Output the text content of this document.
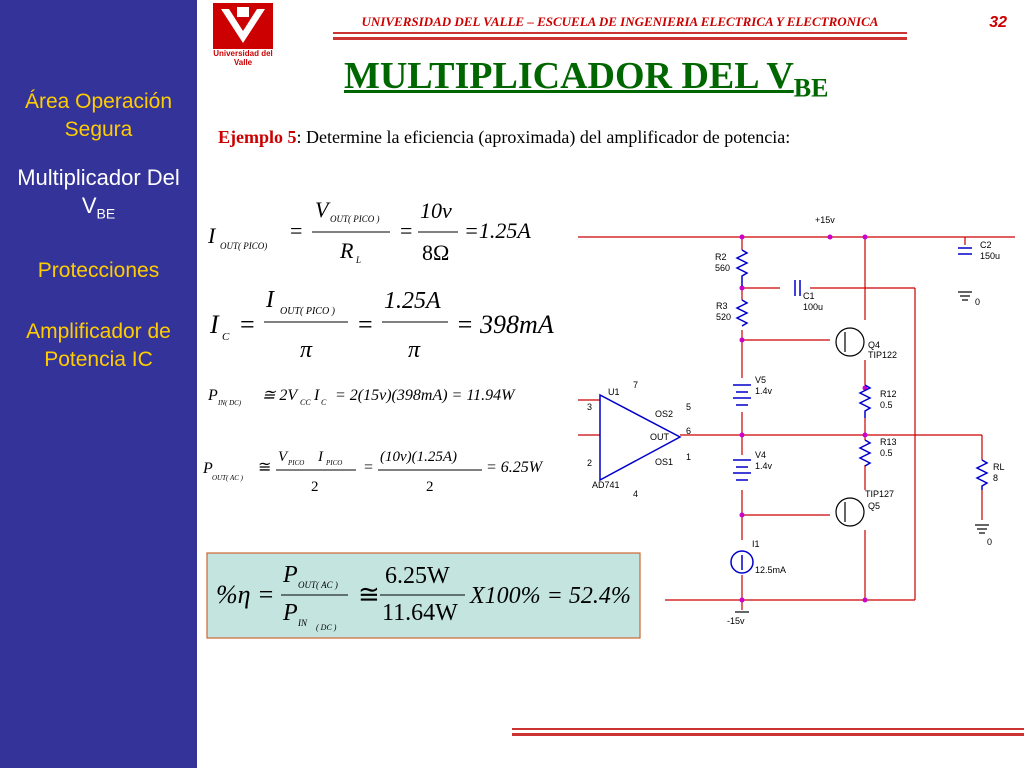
Área Operación Segura
Multiplicador Del $V_{BE}$
Protecciones
Amplificador de Potencia IC
Universidad del Valle
UNIVERSIDAD DEL VALLE – ESCUELA DE INGENIERIA ELECTRICA Y ELECTRONICA	32
MULTIPLICADOR DEL $V_{BE}$
Ejemplo 5: Determine la eficiencia (aproximada) del amplificador de potencia:
I OUT( PICO)
=
V OUT( PICO )
R L
=
10v
8Ω
=1.25A
I C =
I OUT( PICO )
π
=
1.25A
π
= 398mA
P IN( DC) ≅ 2V CC I C = 2(15v)(398mA) = 11.94W
P
OUT( AC )
≅
V PICO I PICO
2
=
(10v)(1.25A)
2
= 6.25W
%η =
P OUT( AC )
P IN ( DC )
≅
6.25W
11.64W
X100% = 52.4%
+15v
C2
150u
0
R2
560
C1
100u
R3
520
Q4
TIP122
V5
1.4v	R12
0.5
U1
OS2
OUT
OS1
AD741
V4
1.4v
R13
0.5
RL
8
TIP127
Q5
0
I1
12.5mA
-15v
3
2
5
6
1
7
4
